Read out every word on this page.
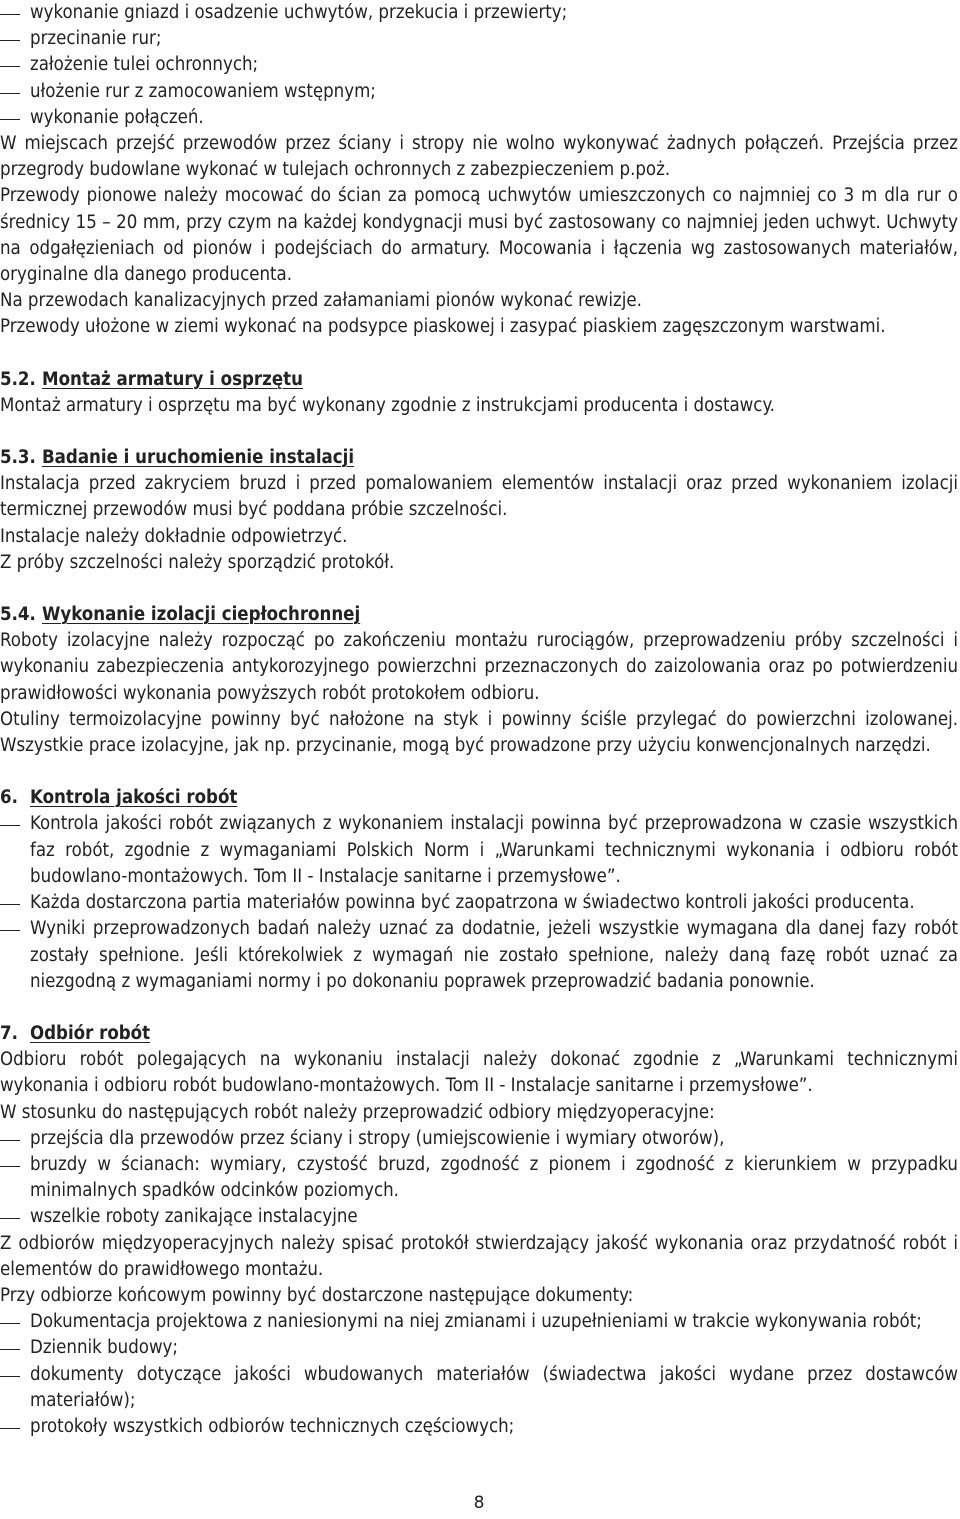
wykonanie gniazd i osadzenie uchwytów, przekucia i przewierty;
przecinanie rur;
założenie tulei ochronnych;
ułożenie rur z zamocowaniem wstępnym;
wykonanie połączeń.

W miejscach przejść przewodów przez ściany i stropy nie wolno wykonywać żadnych połączeń. Przejścia przez przegrody budowlane wykonać w tulejach ochronnych z zabezpieczeniem p.poż.

Przewody pionowe należy mocować do ścian za pomocą uchwytów umieszczonych co najmniej co 3 m dla rur o średnicy 15 – 20 mm, przy czym na każdej kondygnacji musi być zastosowany co najmniej jeden uchwyt. Uchwyty na odgałęzieniach od pionów i podejściach do armatury. Mocowania i łączenia wg zastosowanych materiałów, oryginalne dla danego producenta.

Na przewodach kanalizacyjnych przed załamaniami pionów wykonać rewizje.

Przewody ułożone w ziemi wykonać na podsypce piaskowej i zasypać piaskiem zagęszczonym warstwami.

5.2. Montaż armatury i osprzętu

Montaż armatury i osprzętu ma być wykonany zgodnie z instrukcjami producenta i dostawcy.

5.3. Badanie i uruchomienie instalacji

Instalacja przed zakryciem bruzd i przed pomalowaniem elementów instalacji oraz przed wykonaniem izolacji termicznej przewodów musi być poddana próbie szczelności.

Instalacje należy dokładnie odpowietrzyć.

Z próby szczelności należy sporządzić protokół.

5.4. Wykonanie izolacji ciepłochronnej

Roboty izolacyjne należy rozpocząć po zakończeniu montażu rurociągów, przeprowadzeniu próby szczelności i wykonaniu zabezpieczenia antykorozyjnego powierzchni przeznaczonych do zaizolowania oraz po potwierdzeniu prawidłowości wykonania powyższych robót protokołem odbioru.

Otuliny termoizolacyjne powinny być nałożone na styk i powinny ściśle przylegać do powierzchni izolowanej. Wszystkie prace izolacyjne, jak np. przycinanie, mogą być prowadzone przy użyciu konwencjonalnych narzędzi.

6. Kontrola jakości robót
Kontrola jakości robót związanych z wykonaniem instalacji powinna być przeprowadzona w czasie wszystkich faz robót, zgodnie z wymaganiami Polskich Norm i „Warunkami technicznymi wykonania i odbioru robót budowlano-montażowych. Tom II - Instalacje sanitarne i przemysłowe”.
Każda dostarczona partia materiałów powinna być zaopatrzona w świadectwo kontroli jakości producenta.
Wyniki przeprowadzonych badań należy uznać za dodatnie, jeżeli wszystkie wymagana dla danej fazy robót zostały spełnione. Jeśli którekolwiek z wymagań nie zostało spełnione, należy daną fazę robót uznać za niezgodną z wymaganiami normy i po dokonaniu poprawek przeprowadzić badania ponownie.
7. Odbiór robót

Odbioru robót polegających na wykonaniu instalacji należy dokonać zgodnie z „Warunkami technicznymi wykonania i odbioru robót budowlano-montażowych. Tom II - Instalacje sanitarne i przemysłowe”.

W stosunku do następujących robót należy przeprowadzić odbiory międzyoperacyjne:

przejścia dla przewodów przez ściany i stropy (umiejscowienie i wymiary otworów),
bruzdy w ścianach: wymiary, czystość bruzd, zgodność z pionem i zgodność z kierunkiem w przypadku minimalnych spadków odcinków poziomych.
wszelkie roboty zanikające instalacyjne

Z odbiorów międzyoperacyjnych należy spisać protokół stwierdzający jakość wykonania oraz przydatność robót i elementów do prawidłowego montażu.

Przy odbiorze końcowym powinny być dostarczone następujące dokumenty:

Dokumentacja projektowa z naniesionymi na niej zmianami i uzupełnieniami w trakcie wykonywania robót;
Dziennik budowy;
dokumenty dotyczące jakości wbudowanych materiałów (świadectwa jakości wydane przez dostawców materiałów);
protokoły wszystkich odbiorów technicznych częściowych;
8
